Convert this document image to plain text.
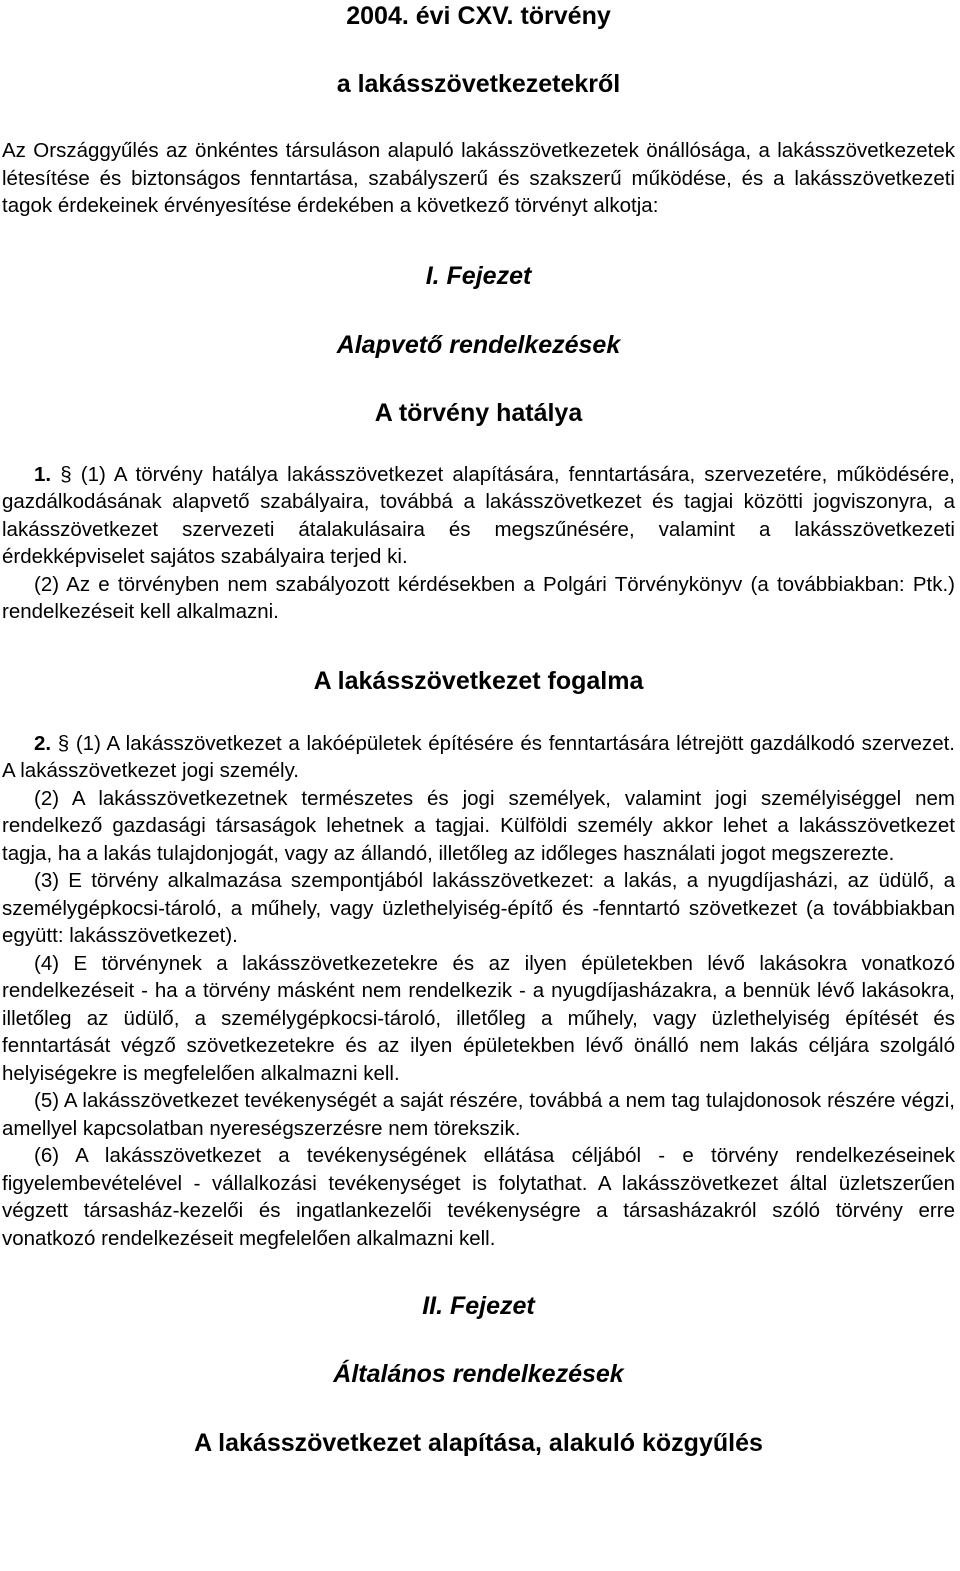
2004. évi CXV. törvény
a lakásszövetkezetekről

Az Országgyűlés az önkéntes társuláson alapuló lakásszövetkezetek önállósága, a lakásszövetkezetek létesítése és biztonságos fenntartása, szabályszerű és szakszerű működése, és a lakásszövetkezeti tagok érdekeinek érvényesítése érdekében a következő törvényt alkotja:

I. Fejezet
Alapvető rendelkezések
A törvény hatálya

1. § (1) A törvény hatálya lakásszövetkezet alapítására, fenntartására, szervezetére, működésére, gazdálkodásának alapvető szabályaira, továbbá a lakásszövetkezet és tagjai közötti jogviszonyra, a lakásszövetkezet szervezeti átalakulásaira és megszűnésére, valamint a lakásszövetkezeti érdekképviselet sajátos szabályaira terjed ki.

(2) Az e törvényben nem szabályozott kérdésekben a Polgári Törvénykönyv (a továbbiakban: Ptk.) rendelkezéseit kell alkalmazni.

A lakásszövetkezet fogalma

2. § (1) A lakásszövetkezet a lakóépületek építésére és fenntartására létrejött gazdálkodó szervezet. A lakásszövetkezet jogi személy.

(2) A lakásszövetkezetnek természetes és jogi személyek, valamint jogi személyiséggel nem rendelkező gazdasági társaságok lehetnek a tagjai. Külföldi személy akkor lehet a lakásszövetkezet tagja, ha a lakás tulajdonjogát, vagy az állandó, illetőleg az időleges használati jogot megszerezte.

(3) E törvény alkalmazása szempontjából lakásszövetkezet: a lakás, a nyugdíjasházi, az üdülő, a személygépkocsi-tároló, a műhely, vagy üzlethelyiség-építő és -fenntartó szövetkezet (a továbbiakban együtt: lakásszövetkezet).

(4) E törvénynek a lakásszövetkezetekre és az ilyen épületekben lévő lakásokra vonatkozó rendelkezéseit - ha a törvény másként nem rendelkezik - a nyugdíjasházakra, a bennük lévő lakásokra, illetőleg az üdülő, a személygépkocsi-tároló, illetőleg a műhely, vagy üzlethelyiség építését és fenntartását végző szövetkezetekre és az ilyen épületekben lévő önálló nem lakás céljára szolgáló helyiségekre is megfelelően alkalmazni kell.

(5) A lakásszövetkezet tevékenységét a saját részére, továbbá a nem tag tulajdonosok részére végzi, amellyel kapcsolatban nyereségszerzésre nem törekszik.

(6) A lakásszövetkezet a tevékenységének ellátása céljából - e törvény rendelkezéseinek figyelembevételével - vállalkozási tevékenységet is folytathat. A lakásszövetkezet által üzletszerűen végzett társasház-kezelői és ingatlankezelői tevékenységre a társasházakról szóló törvény erre vonatkozó rendelkezéseit megfelelően alkalmazni kell.

II. Fejezet
Általános rendelkezések
A lakásszövetkezet alapítása, alakuló közgyűlés
